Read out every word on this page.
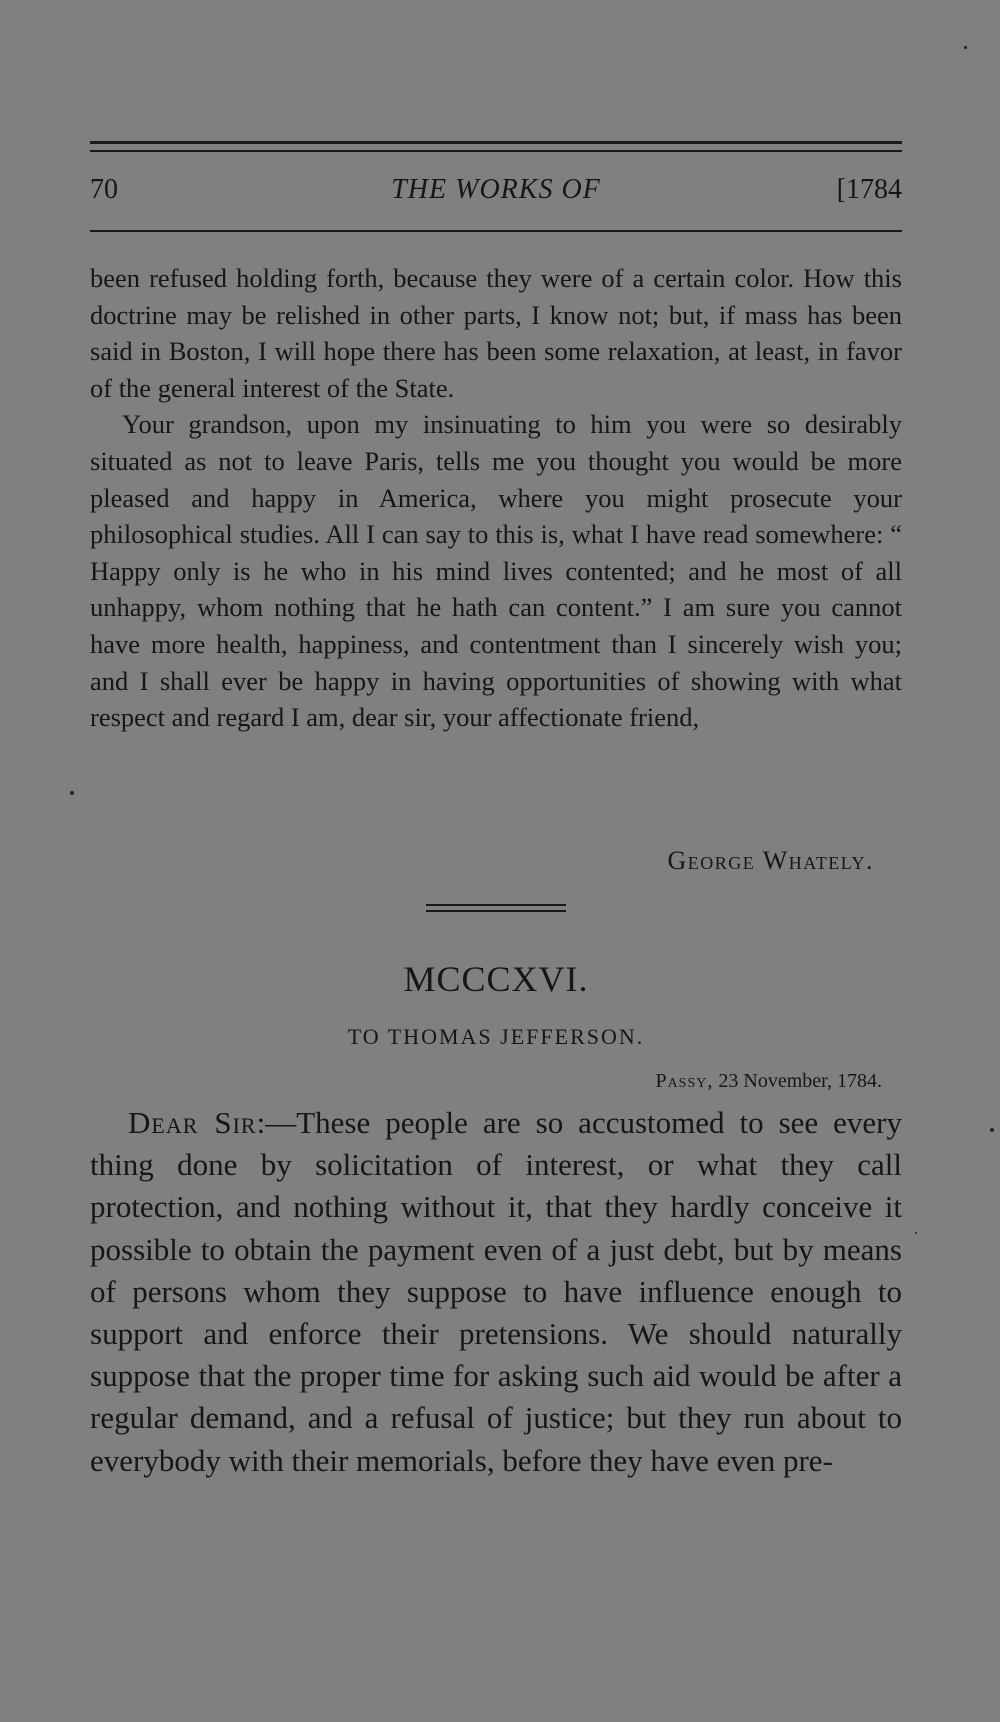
70	THE WORKS OF	[1784

been refused holding forth, because they were of a certain color. How this doctrine may be relished in other parts, I know not; but, if mass has been said in Boston, I will hope there has been some relaxation, at least, in favor of the general interest of the State.

Your grandson, upon my insinuating to him you were so desirably situated as not to leave Paris, tells me you thought you would be more pleased and happy in America, where you might prosecute your philosophical studies. All I can say to this is, what I have read somewhere: “ Happy only is he who in his mind lives contented; and he most of all unhappy, whom nothing that he hath can content.” I am sure you cannot have more health, happiness, and contentment than I sincerely wish you; and I shall ever be happy in having opportunities of showing with what respect and regard I am, dear sir, your affectionate friend,

George Whately.
MCCCXVI.
TO THOMAS JEFFERSON.
Passy, 23 November, 1784.

Dear Sir:—These people are so accustomed to see every thing done by solicitation of interest, or what they call protection, and nothing without it, that they hardly conceive it possible to obtain the payment even of a just debt, but by means of persons whom they suppose to have influence enough to support and enforce their pretensions. We should naturally suppose that the proper time for asking such aid would be after a regular demand, and a refusal of justice; but they run about to everybody with their memorials, before they have even pre-
